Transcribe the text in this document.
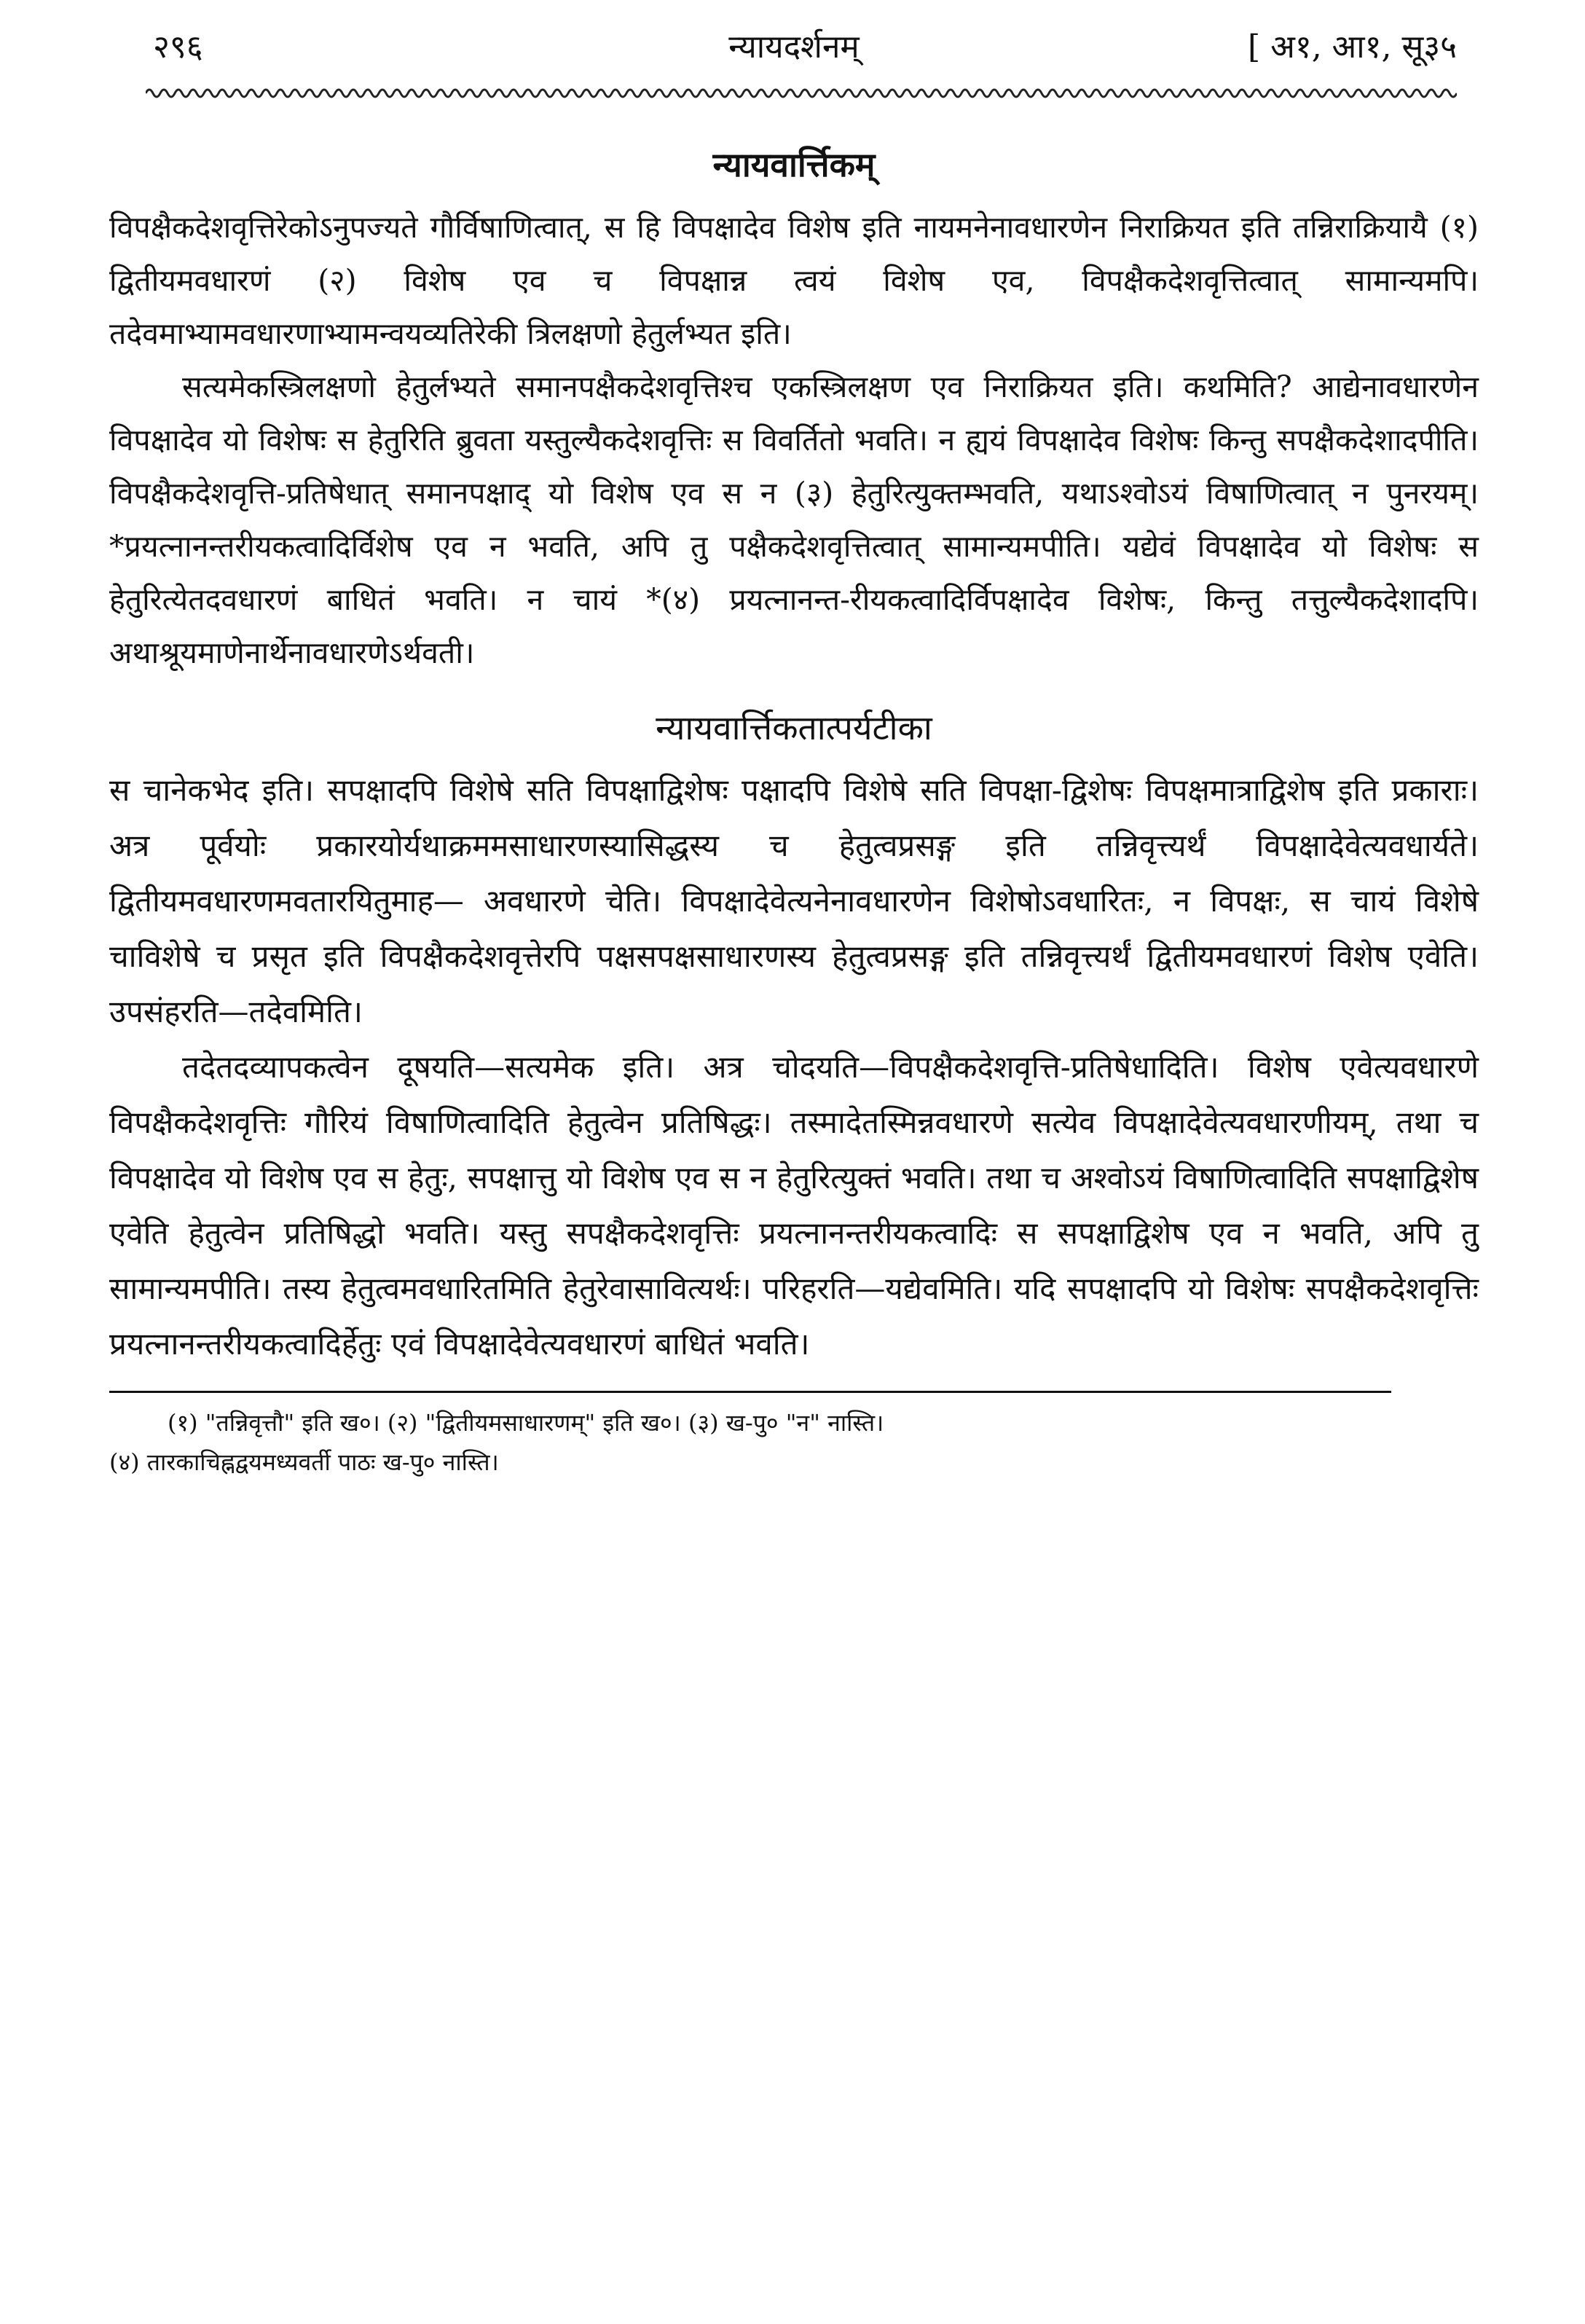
२९६	न्यायदर्शनम्	[ अ१, आ१, सू३५
न्यायवार्त्तिकम्

विपक्षैकदेशवृत्तिरेकोऽनुपज्यते गौर्विषाणित्वात्, स हि विपक्षादेव विशेष इति नायमनेनावधारणेन निराक्रियत इति तन्निराक्रियायै (१) द्वितीयमवधारणं (२) विशेष एव च विपक्षान्न त्वयं विशेष एव, विपक्षैकदेशवृत्तित्वात् सामान्यमपि। तदेवमाभ्यामवधारणाभ्यामन्वयव्यतिरेकी त्रिलक्षणो हेतुर्लभ्यत इति।

सत्यमेकस्त्रिलक्षणो हेतुर्लभ्यते समानपक्षैकदेशवृत्तिश्च एकस्त्रिलक्षण एव निराक्रियत इति। कथमिति? आद्येनावधारणेन विपक्षादेव यो विशेषः स हेतुरिति ब्रुवता यस्तुल्यैकदेशवृत्तिः स विवर्तितो भवति। न ह्ययं विपक्षादेव विशेषः किन्तु सपक्षैकदेशादपीति। विपक्षैकदेशवृत्ति-प्रतिषेधात् समानपक्षाद् यो विशेष एव स न (३) हेतुरित्युक्तम्भवति, यथाऽश्वोऽयं विषाणित्वात् न पुनरयम्। *प्रयत्नानन्तरीयकत्वादिर्विशेष एव न भवति, अपि तु पक्षैकदेशवृत्तित्वात् सामान्यमपीति। यद्येवं विपक्षादेव यो विशेषः स हेतुरित्येतदवधारणं बाधितं भवति। न चायं *(४) प्रयत्नानन्त-रीयकत्वादिर्विपक्षादेव विशेषः, किन्तु तत्तुल्यैकदेशादपि। अथाश्रूयमाणेनार्थेनावधारणेऽर्थवती।

न्यायवार्त्तिकतात्पर्यटीका

स चानेकभेद इति। सपक्षादपि विशेषे सति विपक्षाद्विशेषः पक्षादपि विशेषे सति विपक्षा-द्विशेषः विपक्षमात्राद्विशेष इति प्रकाराः। अत्र पूर्वयोः प्रकारयोर्यथाक्रममसाधारणस्यासिद्धस्य च हेतुत्वप्रसङ्ग इति तन्निवृत्त्यर्थं विपक्षादेवेत्यवधार्यते। द्वितीयमवधारणमवतारयितुमाह— अवधारणे चेति। विपक्षादेवेत्यनेनावधारणेन विशेषोऽवधारितः, न विपक्षः, स चायं विशेषे चाविशेषे च प्रसृत इति विपक्षैकदेशवृत्तेरपि पक्षसपक्षसाधारणस्य हेतुत्वप्रसङ्ग इति तन्निवृत्त्यर्थं द्वितीयमवधारणं विशेष एवेति। उपसंहरति—तदेवमिति।

तदेतदव्यापकत्वेन दूषयति—सत्यमेक इति। अत्र चोदयति—विपक्षैकदेशवृत्ति-प्रतिषेधादिति। विशेष एवेत्यवधारणे विपक्षैकदेशवृत्तिः गौरियं विषाणित्वादिति हेतुत्वेन प्रतिषिद्धः। तस्मादेतस्मिन्नवधारणे सत्येव विपक्षादेवेत्यवधारणीयम्, तथा च विपक्षादेव यो विशेष एव स हेतुः, सपक्षात्तु यो विशेष एव स न हेतुरित्युक्तं भवति। तथा च अश्वोऽयं विषाणित्वादिति सपक्षाद्विशेष एवेति हेतुत्वेन प्रतिषिद्धो भवति। यस्तु सपक्षैकदेशवृत्तिः प्रयत्नानन्तरीयकत्वादिः स सपक्षाद्विशेष एव न भवति, अपि तु सामान्यमपीति। तस्य हेतुत्वमवधारितमिति हेतुरेवासावित्यर्थः। परिहरति—यद्येवमिति। यदि सपक्षादपि यो विशेषः सपक्षैकदेशवृत्तिः प्रयत्नानन्तरीयकत्वादिर्हेतुः एवं विपक्षादेवेत्यवधारणं बाधितं भवति।

(१) "तन्निवृत्तौ" इति ख०। (२) "द्वितीयमसाधारणम्" इति ख०। (३) ख-पु० "न" नास्ति।

(४) तारकाचिह्नद्वयमध्यवर्ती पाठः ख-पु० नास्ति।
